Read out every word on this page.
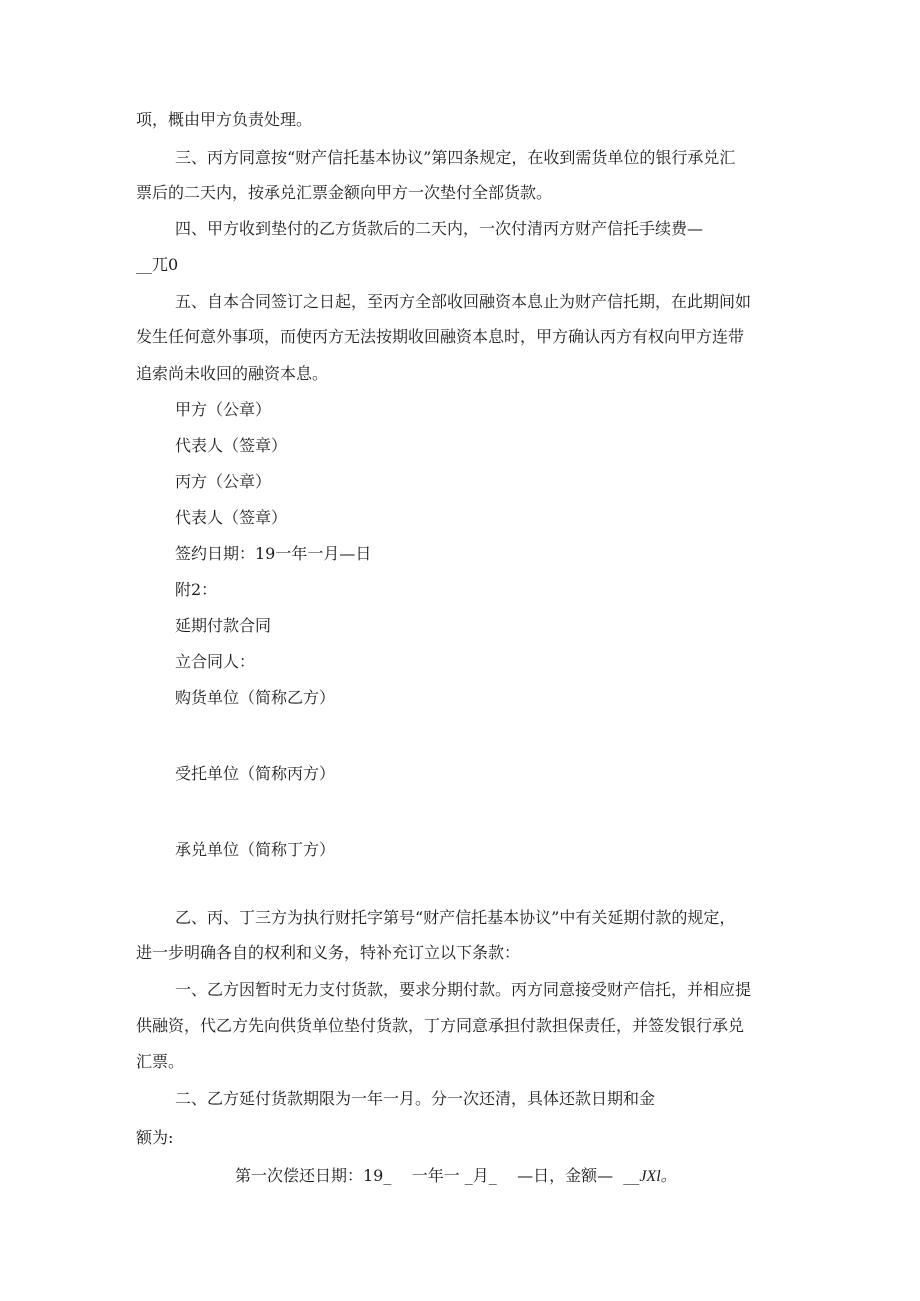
项，概由甲方负责处理。
三、丙方同意按“财产信托基本协议”第四条规定，在收到需货单位的银行承兑汇
票后的二天内，按承兑汇票金额向甲方一次垫付全部货款。
四、甲方收到垫付的乙方货款后的二天内，一次付清丙方财产信托手续费—
__兀0
五、自本合同签订之日起，至丙方全部收回融资本息止为财产信托期，在此期间如
发生任何意外事项，而使丙方无法按期收回融资本息时，甲方确认丙方有权向甲方连带
追索尚未收回的融资本息。
甲方（公章）
代表人（签章）
丙方（公章）
代表人（签章）
签约日期：19一年一月—日
附2：
延期付款合同
立合同人：
购货单位（简称乙方）
受托单位（简称丙方）
承兑单位（简称丁方）
乙、丙、丁三方为执行财托字第号“财产信托基本协议”中有关延期付款的规定，
进一步明确各自的权利和义务，特补充订立以下条款：
一、乙方因暂时无力支付货款，要求分期付款。丙方同意接受财产信托，并相应提
供融资，代乙方先向供货单位垫付货款，丁方同意承担付款担保责任，并签发银行承兑
汇票。
二、乙方延付货款期限为一年一月。分一次还清，具体还款日期和金
额为:
第一次偿还日期：19_    一年一 _月_    —日，金额—  __JXl。
